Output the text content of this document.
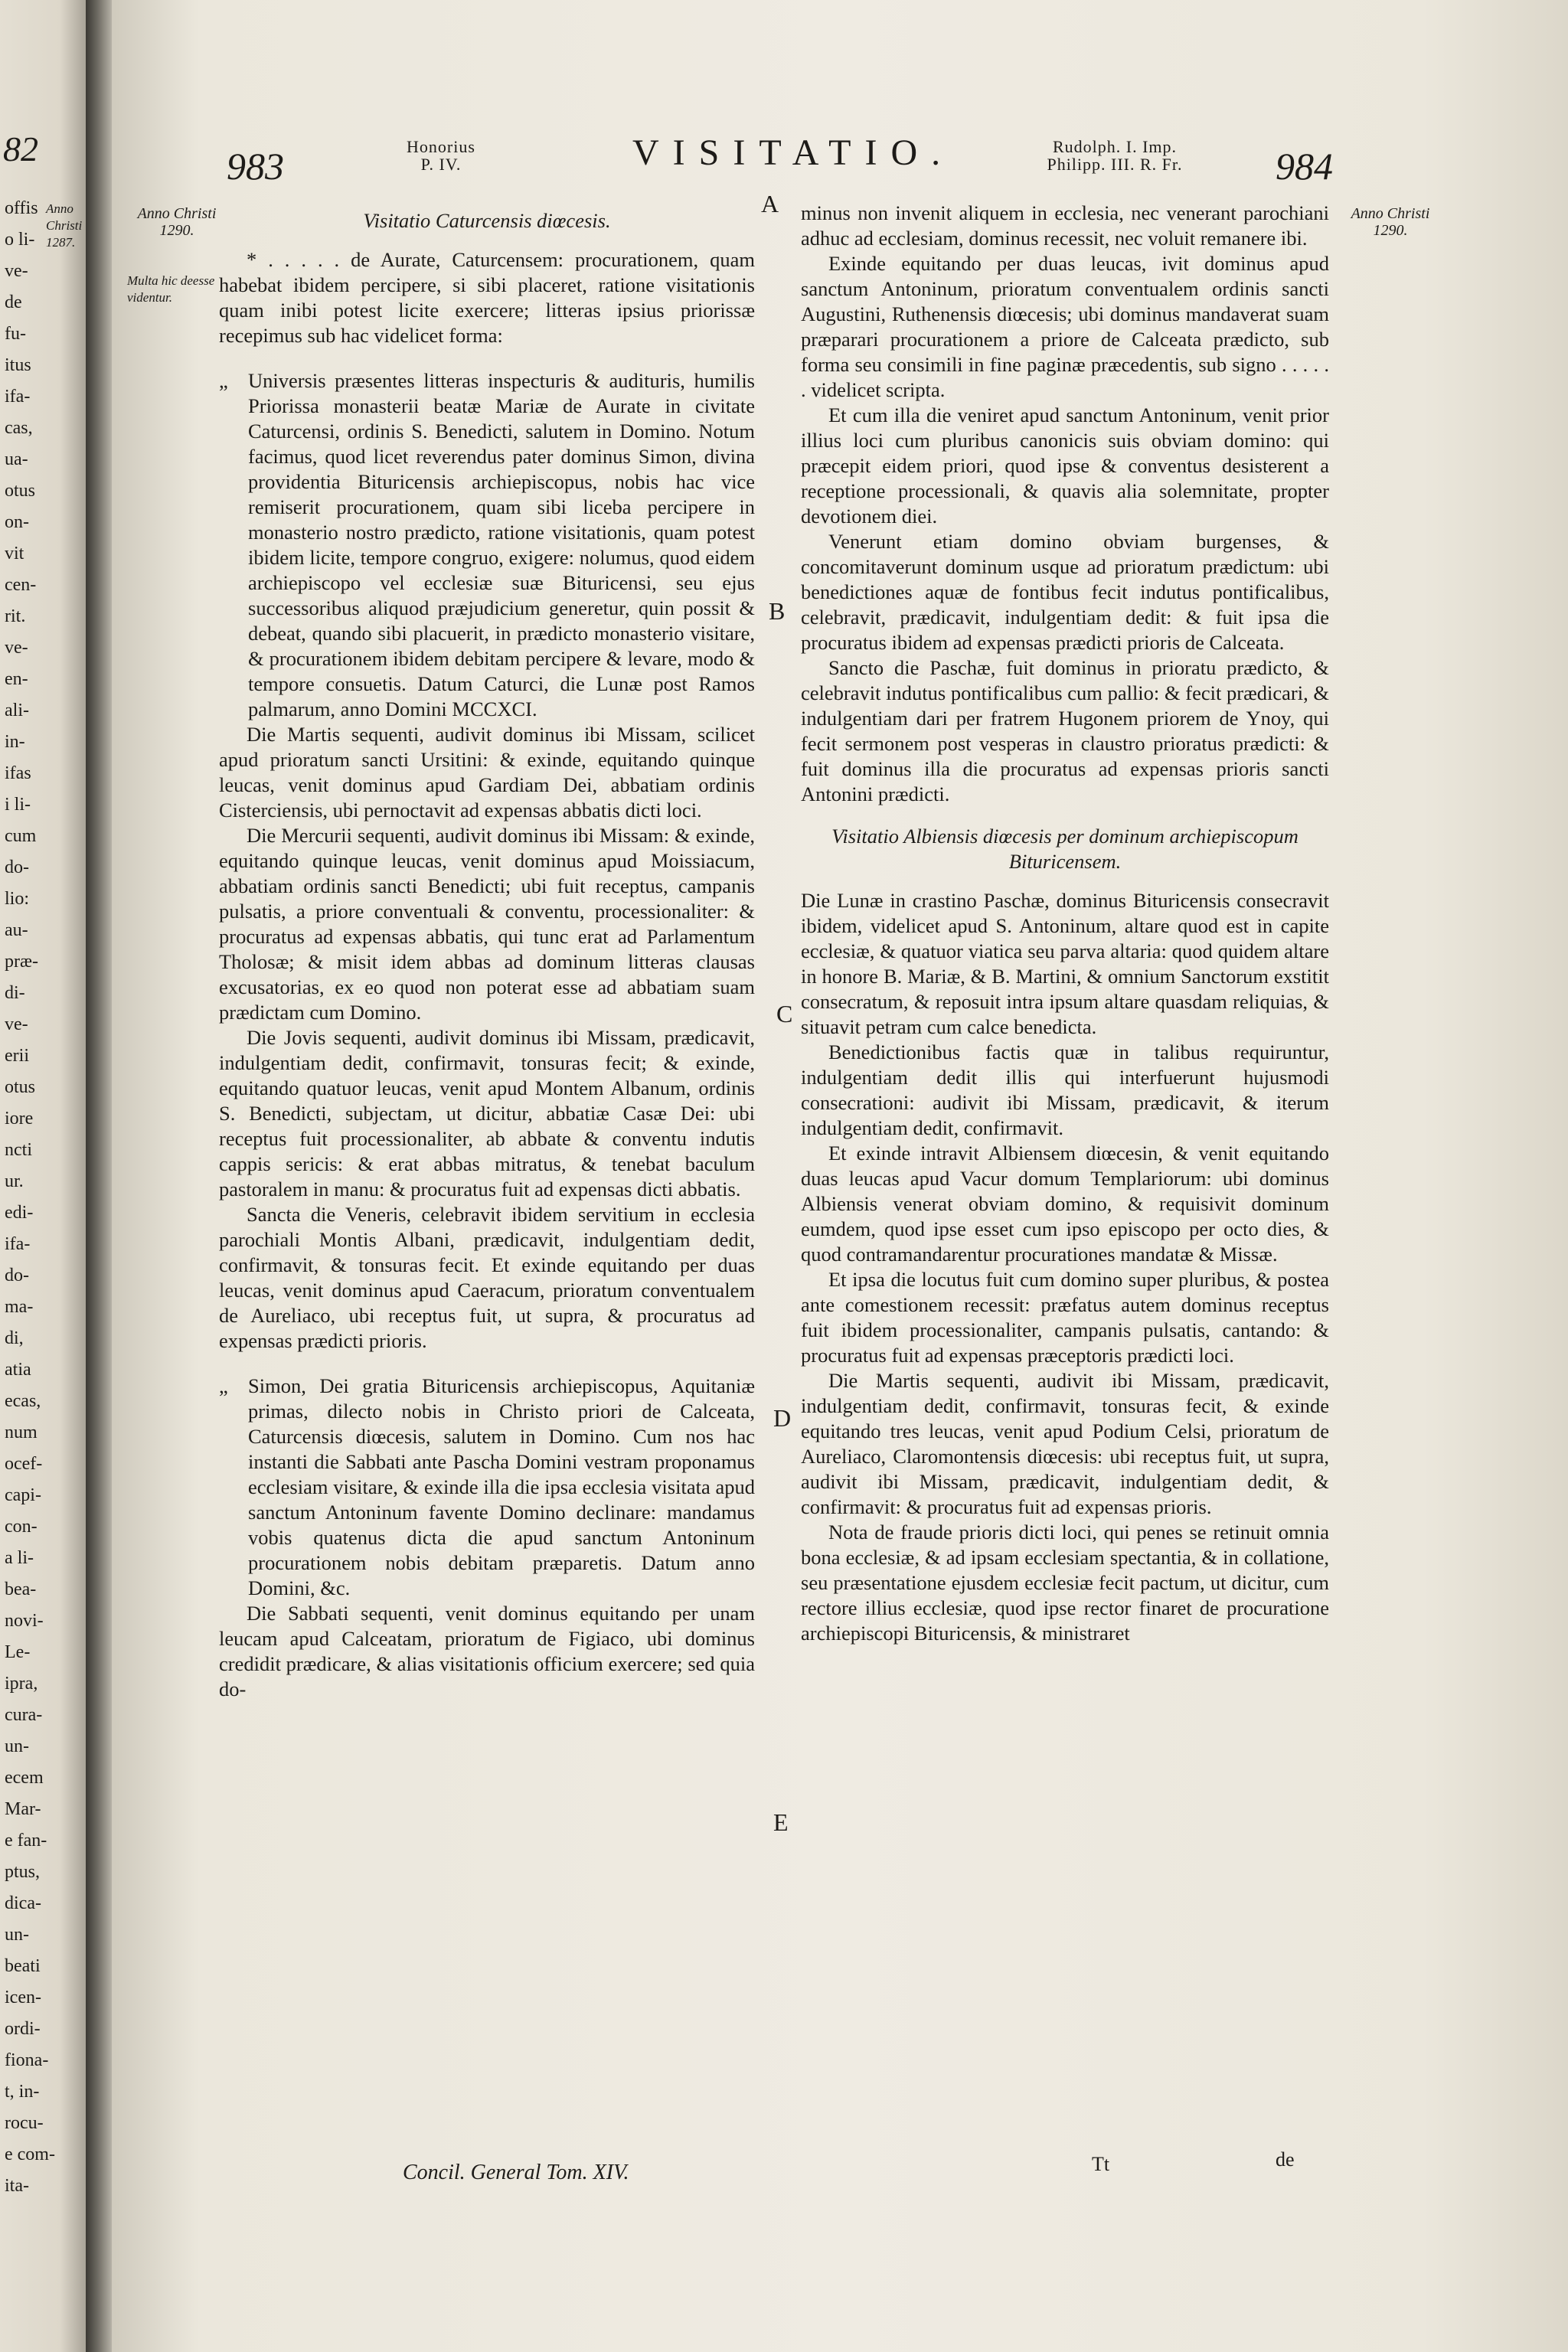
82
offis
o li-
ve-
de
fu-
itus
ifa-
cas,
ua-
otus
on-
vit
cen-
rit.
ve-
en-
ali-
in-
ifas
i li-
cum
do-
lio:
au-
præ-
di-
ve-
erii
otus
iore
ncti
ur.
edi-
ifa-
do-
ma-
di,
atia
ecas,
num
ocef-
capi-
con-
a li-
bea-
novi-
Le-
ipra,
cura-
un-
ecem
Mar-
e fan-
ptus,
dica-
un-
beati
icen-
ordi-
fiona-
t, in-
rocu-
e com-
ita-
Anno Christi 1287.
983	Honorius
P. IV.	VISITATIO.	Rudolph. I. Imp.
Philipp. III. R. Fr.	984
Anno Christi
1290.
Multa hic deesse videntur.
Anno Christi
1290.
A
B
C
D
E

Visitatio Caturcensis diœcesis.

* . . . . . de Aurate, Caturcensem: procurationem, quam habebat ibidem percipere, si sibi placeret, ratione visitationis quam inibi potest licite exercere; litteras ipsius priorissæ recepimus sub hac videlicet forma:

„ Universis præsentes litteras inspecturis & audituris, humilis Priorissa monasterii beatæ Mariæ de Aurate in civitate Caturcensi, ordinis S. Benedicti, salutem in Domino. Notum facimus, quod licet reverendus pater dominus Simon, divina providentia Bituricensis archiepiscopus, nobis hac vice remiserit procurationem, quam sibi liceba percipere in monasterio nostro prædicto, ratione visitationis, quam potest ibidem licite, tempore congruo, exigere: nolumus, quod eidem archiepiscopo vel ecclesiæ suæ Bituricensi, seu ejus successoribus aliquod præjudicium generetur, quin possit & debeat, quando sibi placuerit, in prædicto monasterio visitare, & procurationem ibidem debitam percipere & levare, modo & tempore consuetis. Datum Caturci, die Lunæ post Ramos palmarum, anno Domini MCCXCI.

Die Martis sequenti, audivit dominus ibi Missam, scilicet apud prioratum sancti Ursitini: & exinde, equitando quinque leucas, venit dominus apud Gardiam Dei, abbatiam ordinis Cisterciensis, ubi pernoctavit ad expensas abbatis dicti loci.

Die Mercurii sequenti, audivit dominus ibi Missam: & exinde, equitando quinque leucas, venit dominus apud Moissiacum, abbatiam ordinis sancti Benedicti; ubi fuit receptus, campanis pulsatis, a priore conventuali & conventu, processionaliter: & procuratus ad expensas abbatis, qui tunc erat ad Parlamentum Tholosæ; & misit idem abbas ad dominum litteras clausas excusatorias, ex eo quod non poterat esse ad abbatiam suam prædictam cum Domino.

Die Jovis sequenti, audivit dominus ibi Missam, prædicavit, indulgentiam dedit, confirmavit, tonsuras fecit; & exinde, equitando quatuor leucas, venit apud Montem Albanum, ordinis S. Benedicti, subjectam, ut dicitur, abbatiæ Casæ Dei: ubi receptus fuit processionaliter, ab abbate & conventu indutis cappis sericis: & erat abbas mitratus, & tenebat baculum pastoralem in manu: & procuratus fuit ad expensas dicti abbatis.

Sancta die Veneris, celebravit ibidem servitium in ecclesia parochiali Montis Albani, prædicavit, indulgentiam dedit, confirmavit, & tonsuras fecit. Et exinde equitando per duas leucas, venit dominus apud Caeracum, prioratum conventualem de Aureliaco, ubi receptus fuit, ut supra, & procuratus ad expensas prædicti prioris.

„ Simon, Dei gratia Bituricensis archiepiscopus, Aquitaniæ primas, dilecto nobis in Christo priori de Calceata, Caturcensis diœcesis, salutem in Domino. Cum nos hac instanti die Sabbati ante Pascha Domini vestram proponamus ecclesiam visitare, & exinde illa die ipsa ecclesia visitata apud sanctum Antoninum favente Domino declinare: mandamus vobis quatenus dicta die apud sanctum Antoninum procurationem nobis debitam præparetis. Datum anno Domini, &c.

Die Sabbati sequenti, venit dominus equitando per unam leucam apud Calceatam, prioratum de Figiaco, ubi dominus credidit prædicare, & alias visitationis officium exercere; sed quia do-

minus non invenit aliquem in ecclesia, nec venerant parochiani adhuc ad ecclesiam, dominus recessit, nec voluit remanere ibi.

Exinde equitando per duas leucas, ivit dominus apud sanctum Antoninum, prioratum conventualem ordinis sancti Augustini, Ruthenensis diœcesis; ubi dominus mandaverat suam præparari procurationem a priore de Calceata prædicto, sub forma seu consimili in fine paginæ præcedentis, sub signo . . . . . . videlicet scripta.

Et cum illa die veniret apud sanctum Antoninum, venit prior illius loci cum pluribus canonicis suis obviam domino: qui præcepit eidem priori, quod ipse & conventus desisterent a receptione processionali, & quavis alia solemnitate, propter devotionem diei.

Venerunt etiam domino obviam burgenses, & concomitaverunt dominum usque ad prioratum prædictum: ubi benedictiones aquæ de fontibus fecit indutus pontificalibus, celebravit, prædicavit, indulgentiam dedit: & fuit ipsa die procuratus ibidem ad expensas prædicti prioris de Calceata.

Sancto die Paschæ, fuit dominus in prioratu prædicto, & celebravit indutus pontificalibus cum pallio: & fecit prædicari, & indulgentiam dari per fratrem Hugonem priorem de Ynoy, qui fecit sermonem post vesperas in claustro prioratus prædicti: & fuit dominus illa die procuratus ad expensas prioris sancti Antonini prædicti.

Visitatio Albiensis diœcesis per dominum archiepiscopum Bituricensem.

Die Lunæ in crastino Paschæ, dominus Bituricensis consecravit ibidem, videlicet apud S. Antoninum, altare quod est in capite ecclesiæ, & quatuor viatica seu parva altaria: quod quidem altare in honore B. Mariæ, & B. Martini, & omnium Sanctorum exstitit consecratum, & reposuit intra ipsum altare quasdam reliquias, & situavit petram cum calce benedicta.

Benedictionibus factis quæ in talibus requiruntur, indulgentiam dedit illis qui interfuerunt hujusmodi consecrationi: audivit ibi Missam, prædicavit, & iterum indulgentiam dedit, confirmavit.

Et exinde intravit Albiensem diœcesin, & venit equitando duas leucas apud Vacur domum Templariorum: ubi dominus Albiensis venerat obviam domino, & requisivit dominum eumdem, quod ipse esset cum ipso episcopo per octo dies, & quod contramandarentur procurationes mandatæ & Missæ.

Et ipsa die locutus fuit cum domino super pluribus, & postea ante comestionem recessit: præfatus autem dominus receptus fuit ibidem processionaliter, campanis pulsatis, cantando: & procuratus fuit ad expensas præceptoris prædicti loci.

Die Martis sequenti, audivit ibi Missam, prædicavit, indulgentiam dedit, confirmavit, tonsuras fecit, & exinde equitando tres leucas, venit apud Podium Celsi, prioratum de Aureliaco, Claromontensis diœcesis: ubi receptus fuit, ut supra, audivit ibi Missam, prædicavit, indulgentiam dedit, & confirmavit: & procuratus fuit ad expensas prioris.

Nota de fraude prioris dicti loci, qui penes se retinuit omnia bona ecclesiæ, & ad ipsam ecclesiam spectantia, & in collatione, seu præsentatione ejusdem ecclesiæ fecit pactum, ut dicitur, cum rectore illius ecclesiæ, quod ipse rector finaret de procuratione archiepiscopi Bituricensis, & ministraret

Concil. General Tom. XIV.	Tt	de
